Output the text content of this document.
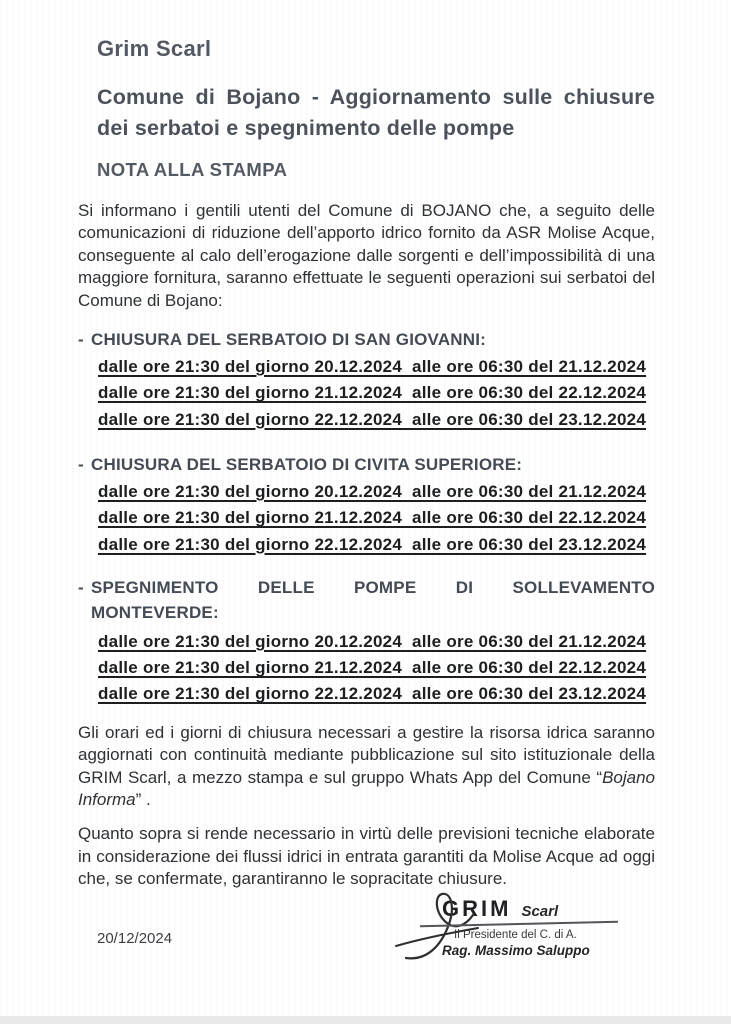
Grim Scarl
Comune di Bojano - Aggiornamento sulle chiusure
dei serbatoi e spegnimento delle pompe
NOTA ALLA STAMPA

Si informano i gentili utenti del Comune di BOJANO che, a seguito delle comunicazioni di riduzione dell’apporto idrico fornito da ASR Molise Acque, conseguente al calo dell’erogazione dalle sorgenti e dell’impossibilità di una maggiore fornitura, saranno effettuate le seguenti operazioni sui serbatoi del Comune di Bojano:

- CHIUSURA DEL SERBATOIO DI SAN GIOVANNI:
dalle ore 21:30 del giorno 20.12.2024  alle ore 06:30 del 21.12.2024
dalle ore 21:30 del giorno 21.12.2024  alle ore 06:30 del 22.12.2024
dalle ore 21:30 del giorno 22.12.2024  alle ore 06:30 del 23.12.2024
- CHIUSURA DEL SERBATOIO DI CIVITA SUPERIORE:
dalle ore 21:30 del giorno 20.12.2024  alle ore 06:30 del 21.12.2024
dalle ore 21:30 del giorno 21.12.2024  alle ore 06:30 del 22.12.2024
dalle ore 21:30 del giorno 22.12.2024  alle ore 06:30 del 23.12.2024
- SPEGNIMENTO DELLE POMPE DI SOLLEVAMENTO
MONTEVERDE:
dalle ore 21:30 del giorno 20.12.2024  alle ore 06:30 del 21.12.2024
dalle ore 21:30 del giorno 21.12.2024  alle ore 06:30 del 22.12.2024
dalle ore 21:30 del giorno 22.12.2024  alle ore 06:30 del 23.12.2024

Gli orari ed i giorni di chiusura necessari a gestire la risorsa idrica saranno aggiornati con continuità mediante pubblicazione sul sito istituzionale della GRIM Scarl, a mezzo stampa e sul gruppo Whats App del Comune “Bojano Informa” .

Quanto sopra si rende necessario in virtù delle previsioni tecniche elaborate in considerazione dei flussi idrici in entrata garantiti da Molise Acque ad oggi che, se confermate, garantiranno le sopracitate chiusure.

20/12/2024
GRIM Scarl
Il Presidente del C. di A.
Rag. Massimo Saluppo
